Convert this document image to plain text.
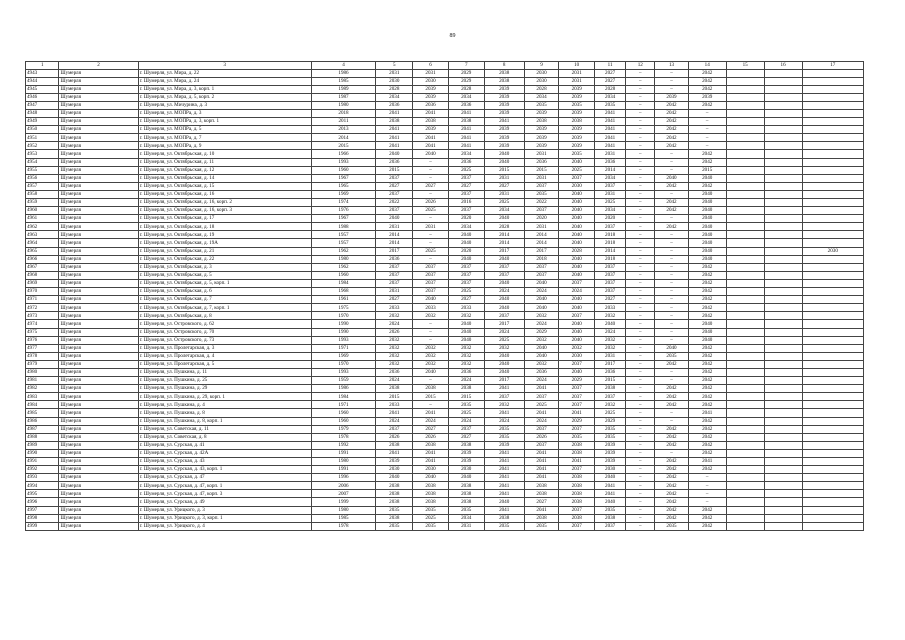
89
1	2	3	4	5	6	7	8	9	10	11	12	13	14	15	16	17
4943	Шумерля	г. Шумерля, ул. Мира, д. 22	1986	2031	2031	2029	2038	2030	2031	2027	–	–	2042			
4944	Шумерля	г. Шумерля, ул. Мира, д. 24	1985	2030	2030	2029	2038	2030	2031	2027	–	–	2042			
4945	Шумерля	г. Шумерля, ул. Мира, д. 3, корп. 1	1989	2028	2039	2028	2039	2028	2039	2028	–	–	2042			
4946	Шумерля	г. Шумерля, ул. Мира, д. 5, корп. 2	1987	2034	2039	2034	2039	2034	2039	2034	–	2039	2039			
4947	Шумерля	г. Шумерля, ул. Мичурина, д. 3	1980	2036	2036	2036	2039	2035	2035	2035	–	2042	2042			
4948	Шумерля	г. Шумерля, ул. МОПРа, д. 3	2018	2041	2041	2041	2039	2039	2039	2041	–	2042	–			
4949	Шумерля	г. Шумерля, ул. МОПРа, д. 3, корп. 1	2011	2038	2038	2038	2041	2038	2038	2041	–	2042	–			
4950	Шумерля	г. Шумерля, ул. МОПРа, д. 5	2013	2041	2039	2041	2039	2039	2039	2041	–	2042	–			
4951	Шумерля	г. Шумерля, ул. МОПРа, д. 7	2014	2041	2041	2041	2039	2039	2039	2041	–	2042	–			
4952	Шумерля	г. Шумерля, ул. МОПРа, д. 9	2015	2041	2041	2041	2039	2039	2039	2041	–	2042	–			
4953	Шумерля	г. Шумерля, ул. Октябрьская, д. 10	1966	2040	2040	2034	2040	2031	2035	2031	–	–	2042			
4954	Шумерля	г. Шумерля, ул. Октябрьская, д. 11	1993	2036	–	2036	2040	2036	2040	2036	–	–	2042			
4955	Шумерля	г. Шумерля, ул. Октябрьская, д. 12	1960	2015	–	2025	2015	2015	2025	2014	–	–	2015			
4956	Шумерля	г. Шумерля, ул. Октябрьская, д. 14	1967	2037	–	2037	2031	2031	2037	2034	–	2040	2040			
4957	Шумерля	г. Шумерля, ул. Октябрьская, д. 15	1965	2027	2027	2027	2027	2037	2030	2037	–	2042	2042			
4958	Шумерля	г. Шумерля, ул. Октябрьская, д. 16	1969	2037	–	2037	2031	2035	2040	2031	–	–	2040			
4959	Шумерля	г. Шумерля, ул. Октябрьская, д. 16, корп. 2	1974	2022	2026	2016	2025	2022	2040	2025	–	2042	2040			
4960	Шумерля	г. Шумерля, ул. Октябрьская, д. 16, корп. 3	1976	2037	2025	2037	2034	2037	2040	2034	–	2042	2040			
4961	Шумерля	г. Шумерля, ул. Октябрьская, д. 17	1967	2040	–	2020	2040	2020	2040	2020	–	–	2040			
4962	Шумерля	г. Шумерля, ул. Октябрьская, д. 18	1988	2031	2031	2034	2028	2031	2040	2037	–	2042	2040			
4963	Шумерля	г. Шумерля, ул. Октябрьская, д. 19	1957	2014	–	2040	2014	2014	2040	2018	–	–	2040			
4964	Шумерля	г. Шумерля, ул. Октябрьская, д. 19А	1957	2014	–	2040	2014	2014	2040	2018	–	–	2040			
4965	Шумерля	г. Шумерля, ул. Октябрьская, д. 21	1962	2017	2025	2020	2017	2017	2028	2014	–	–	2040			2030
4966	Шумерля	г. Шумерля, ул. Октябрьская, д. 22	1980	2036	–	2040	2040	2018	2040	2018	–	–	2040			
4967	Шумерля	г. Шумерля, ул. Октябрьская, д. 3	1962	2037	2037	2037	2037	2037	2040	2037	–	–	2042			
4968	Шумерля	г. Шумерля, ул. Октябрьская, д. 5	1960	2037	2037	2037	2037	2037	2040	2037	–	–	2042			
4969	Шумерля	г. Шумерля, ул. Октябрьская, д. 5, корп. 1	1984	2037	2037	2037	2040	2040	2037	2037	–	–	2042			
4970	Шумерля	г. Шумерля, ул. Октябрьская, д. 6	1968	2031	2037	2025	2024	2024	2024	2037	–	–	2042			
4971	Шумерля	г. Шумерля, ул. Октябрьская, д. 7	1961	2027	2040	2027	2040	2040	2040	2027	–	–	2042			
4972	Шумерля	г. Шумерля, ул. Октябрьская, д. 7, корп. 1	1975	2033	2033	2033	2040	2040	2040	2033	–	–	2042			
4973	Шумерля	г. Шумерля, ул. Октябрьская, д. 8	1970	2032	2032	2032	2037	2032	2037	2032	–	–	2042			
4974	Шумерля	г. Шумерля, ул. Островского, д. 62	1990	2024	–	2040	2017	2024	2040	2040	–	–	2040			
4975	Шумерля	г. Шумерля, ул. Островского, д. 70	1990	2026	–	2040	2024	2029	2040	2024	–	–	2040			
4976	Шумерля	г. Шумерля, ул. Островского, д. 73	1993	2032	–	2040	2025	2032	2040	2032	–	–	2040			
4977	Шумерля	г. Шумерля, ул. Пролетарская, д. 3	1971	2032	2032	2032	2032	2040	2032	2032	–	2040	2042			
4978	Шумерля	г. Шумерля, ул. Пролетарская, д. 4	1969	2032	2032	2032	2040	2040	2030	2031	–	2035	2042			
4979	Шумерля	г. Шумерля, ул. Пролетарская, д. 5	1970	2032	2032	2032	2040	2032	2037	2017	–	2042	2042			
4980	Шумерля	г. Шумерля, ул. Пушкина, д. 11	1993	2036	2040	2036	2040	2036	2040	2036	–	–	2042			
4981	Шумерля	г. Шумерля, ул. Пушкина, д. 25	1959	2024	–	2024	2017	2024	2029	2015	–	–	2042			
4982	Шумерля	г. Шумерля, ул. Пушкина, д. 29	1986	2038	2038	2038	2041	2041	2037	2038	–	2042	2042			
4983	Шумерля	г. Шумерля, ул. Пушкина, д. 29, корп. 1	1984	2015	2015	2015	2037	2037	2037	2037	–	2042	2042			
4984	Шумерля	г. Шумерля, ул. Пушкина, д. 4	1971	2033	–	2035	2032	2025	2037	2032	–	2042	2042			
4985	Шумерля	г. Шумерля, ул. Пушкина, д. 8	1960	2041	2041	2025	2041	2041	2041	2025	–	–	2041			
4986	Шумерля	г. Шумерля, ул. Пушкина, д. 8, корп. 1	1960	2024	2024	2024	2024	2024	2029	2029	–	–	2042			
4987	Шумерля	г. Шумерля, ул. Советская, д. 11	1979	2037	2027	2037	2035	2037	2037	2035	–	2042	2042			
4988	Шумерля	г. Шумерля, ул. Советская, д. 8	1978	2026	2026	2027	2035	2026	2035	2035	–	2042	2042			
4989	Шумерля	г. Шумерля, ул. Сурская, д. 41	1992	2038	2038	2038	2039	2037	2038	2039	–	2042	2042			
4990	Шумерля	г. Шумерля, ул. Сурская, д. 42А	1991	2041	2041	2039	2041	2041	2038	2039	–	–	2042			
4991	Шумерля	г. Шумерля, ул. Сурская, д. 43	1980	2039	2041	2039	2041	2041	2041	2039	–	2042	2041			
4992	Шумерля	г. Шумерля, ул. Сурская, д. 43, корп. 1	1991	2030	2030	2030	2041	2041	2037	2030	–	2042	2042			
4993	Шумерля	г. Шумерля, ул. Сурская, д. 47	1996	2040	2040	2040	2041	2041	2038	2040	–	2042	–			
4994	Шумерля	г. Шумерля, ул. Сурская, д. 47, корп. 1	2006	2038	2038	2038	2041	2038	2038	2041	–	2042	–			
4995	Шумерля	г. Шумерля, ул. Сурская, д. 47, корп. 3	2007	2038	2038	2038	2041	2038	2038	2041	–	2042	–			
4996	Шумерля	г. Шумерля, ул. Сурская, д. 49	1999	2038	2038	2038	2040	2027	2038	2040	–	2042	–			
4997	Шумерля	г. Шумерля, ул. Урицкого, д. 3	1980	2035	2035	2035	2041	2041	2037	2035	–	2042	2042			
4998	Шумерля	г. Шумерля, ул. Урицкого, д. 3, корп. 1	1985	2038	2025	2034	2038	2038	2038	2038	–	2042	2042			
4999	Шумерля	г. Шумерля, ул. Урицкого, д. 4	1978	2035	2035	2031	2035	2035	2037	2037	–	2035	2042			
